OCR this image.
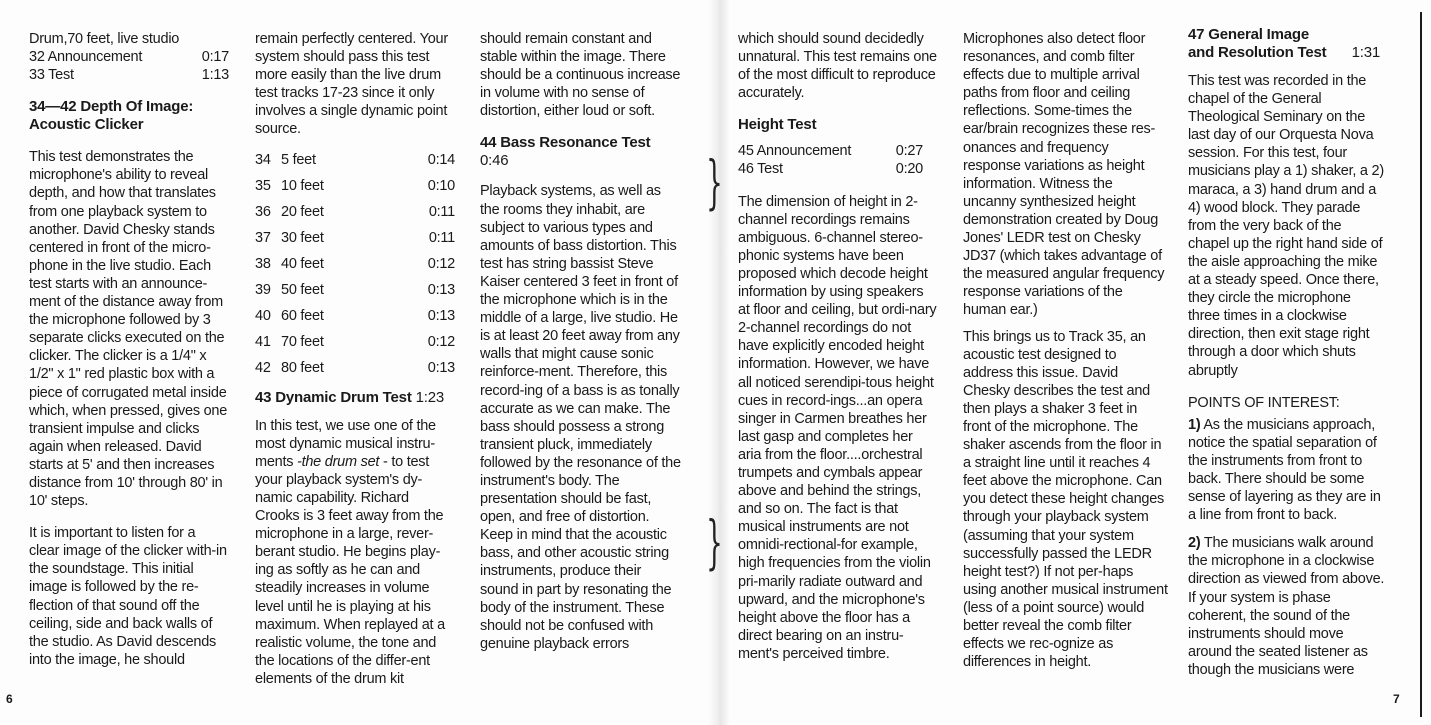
Drum,70 feet, live studio
32 Announcement	0:17
33 Test	1:13
34—42 Depth Of Image: Acoustic Clicker

This test demonstrates the microphone's ability to reveal depth, and how that translates from one playback system to another. David Chesky stands centered in front of the micro-phone in the live studio. Each test starts with an announce-ment of the distance away from the microphone followed by 3 separate clicks executed on the clicker. The clicker is a 1/4" x 1/2" x 1" red plastic box with a piece of corrugated metal inside which, when pressed, gives one transient impulse and clicks again when released. David starts at 5' and then increases distance from 10' through 80' in 10' steps.

It is important to listen for a clear image of the clicker with-in the soundstage. This initial image is followed by the re-flection of that sound off the ceiling, side and back walls of the studio. As David descends into the image, he should

remain perfectly centered. Your system should pass this test more easily than the live drum test tracks 17-23 since it only involves a single dynamic point source.

34 5 feet	0:14
35 10 feet	0:10
36 20 feet	0:11
37 30 feet	0:11
38 40 feet	0:12
39 50 feet	0:13
40 60 feet	0:13
41 70 feet	0:12
42 80 feet	0:13
43 Dynamic Drum Test 1:23

In this test, we use one of the most dynamic musical instru-ments -the drum set - to test your playback system's dy-namic capability. Richard Crooks is 3 feet away from the microphone in a large, rever-berant studio. He begins play-ing as softly as he can and steadily increases in volume level until he is playing at his maximum. When replayed at a realistic volume, the tone and the locations of the differ-ent elements of the drum kit

should remain constant and stable within the image. There should be a continuous increase in volume with no sense of distortion, either loud or soft.

44 Bass Resonance Test 0:46

Playback systems, as well as the rooms they inhabit, are subject to various types and amounts of bass distortion. This test has string bassist Steve Kaiser centered 3 feet in front of the microphone which is in the middle of a large, live studio. He is at least 20 feet away from any walls that might cause sonic reinforce-ment. Therefore, this record-ing of a bass is as tonally accurate as we can make. The bass should possess a strong transient pluck, immediately followed by the resonance of the instrument's body. The presentation should be fast, open, and free of distortion. Keep in mind that the acoustic bass, and other acoustic string instruments, produce their sound in part by resonating the body of the instrument. These should not be confused with genuine playback errors

}
}

which should sound decidedly unnatural. This test remains one of the most difficult to reproduce accurately.

Height Test
45 Announcement	0:27
46 Test	0:20

The dimension of height in 2-channel recordings remains ambiguous. 6-channel stereo-phonic systems have been proposed which decode height information by using speakers at floor and ceiling, but ordi-nary 2-channel recordings do not have explicitly encoded height information. However, we have all noticed serendipi-tous height cues in record-ings...an opera singer in Carmen breathes her last gasp and completes her aria from the floor....orchestral trumpets and cymbals appear above and behind the strings, and so on. The fact is that musical instruments are not omnidi-rectional-for example, high frequencies from the violin pri-marily radiate outward and upward, and the microphone's height above the floor has a direct bearing on an instru-ment's perceived timbre.

Microphones also detect floor resonances, and comb filter effects due to multiple arrival paths from floor and ceiling reflections. Some-times the ear/brain recognizes these res-onances and frequency response variations as height information. Witness the uncanny synthesized height demonstration created by Doug Jones' LEDR test on Chesky JD37 (which takes advantage of the measured angular frequency response variations of the human ear.)

This brings us to Track 35, an acoustic test designed to address this issue. David Chesky describes the test and then plays a shaker 3 feet in front of the microphone. The shaker ascends from the floor in a straight line until it reaches 4 feet above the microphone. Can you detect these height changes through your playback system (assuming that your system successfully passed the LEDR height test?) If not per-haps using another musical instrument (less of a point source) would better reveal the comb filter effects we rec-ognize as differences in height.

47 General Image and Resolution Test	1:31

This test was recorded in the chapel of the General Theological Seminary on the last day of our Orquesta Nova session. For this test, four musicians play a 1) shaker, a 2) maraca, a 3) hand drum and a 4) wood block. They parade from the very back of the chapel up the right hand side of the aisle approaching the mike at a steady speed. Once there, they circle the microphone three times in a clockwise direction, then exit stage right through a door which shuts abruptly

POINTS OF INTEREST:

1) As the musicians approach, notice the spatial separation of the instruments from front to back. There should be some sense of layering as they are in a line from front to back.

2) The musicians walk around the microphone in a clockwise direction as viewed from above. If your system is phase coherent, the sound of the instruments should move around the seated listener as though the musicians were

6	7
